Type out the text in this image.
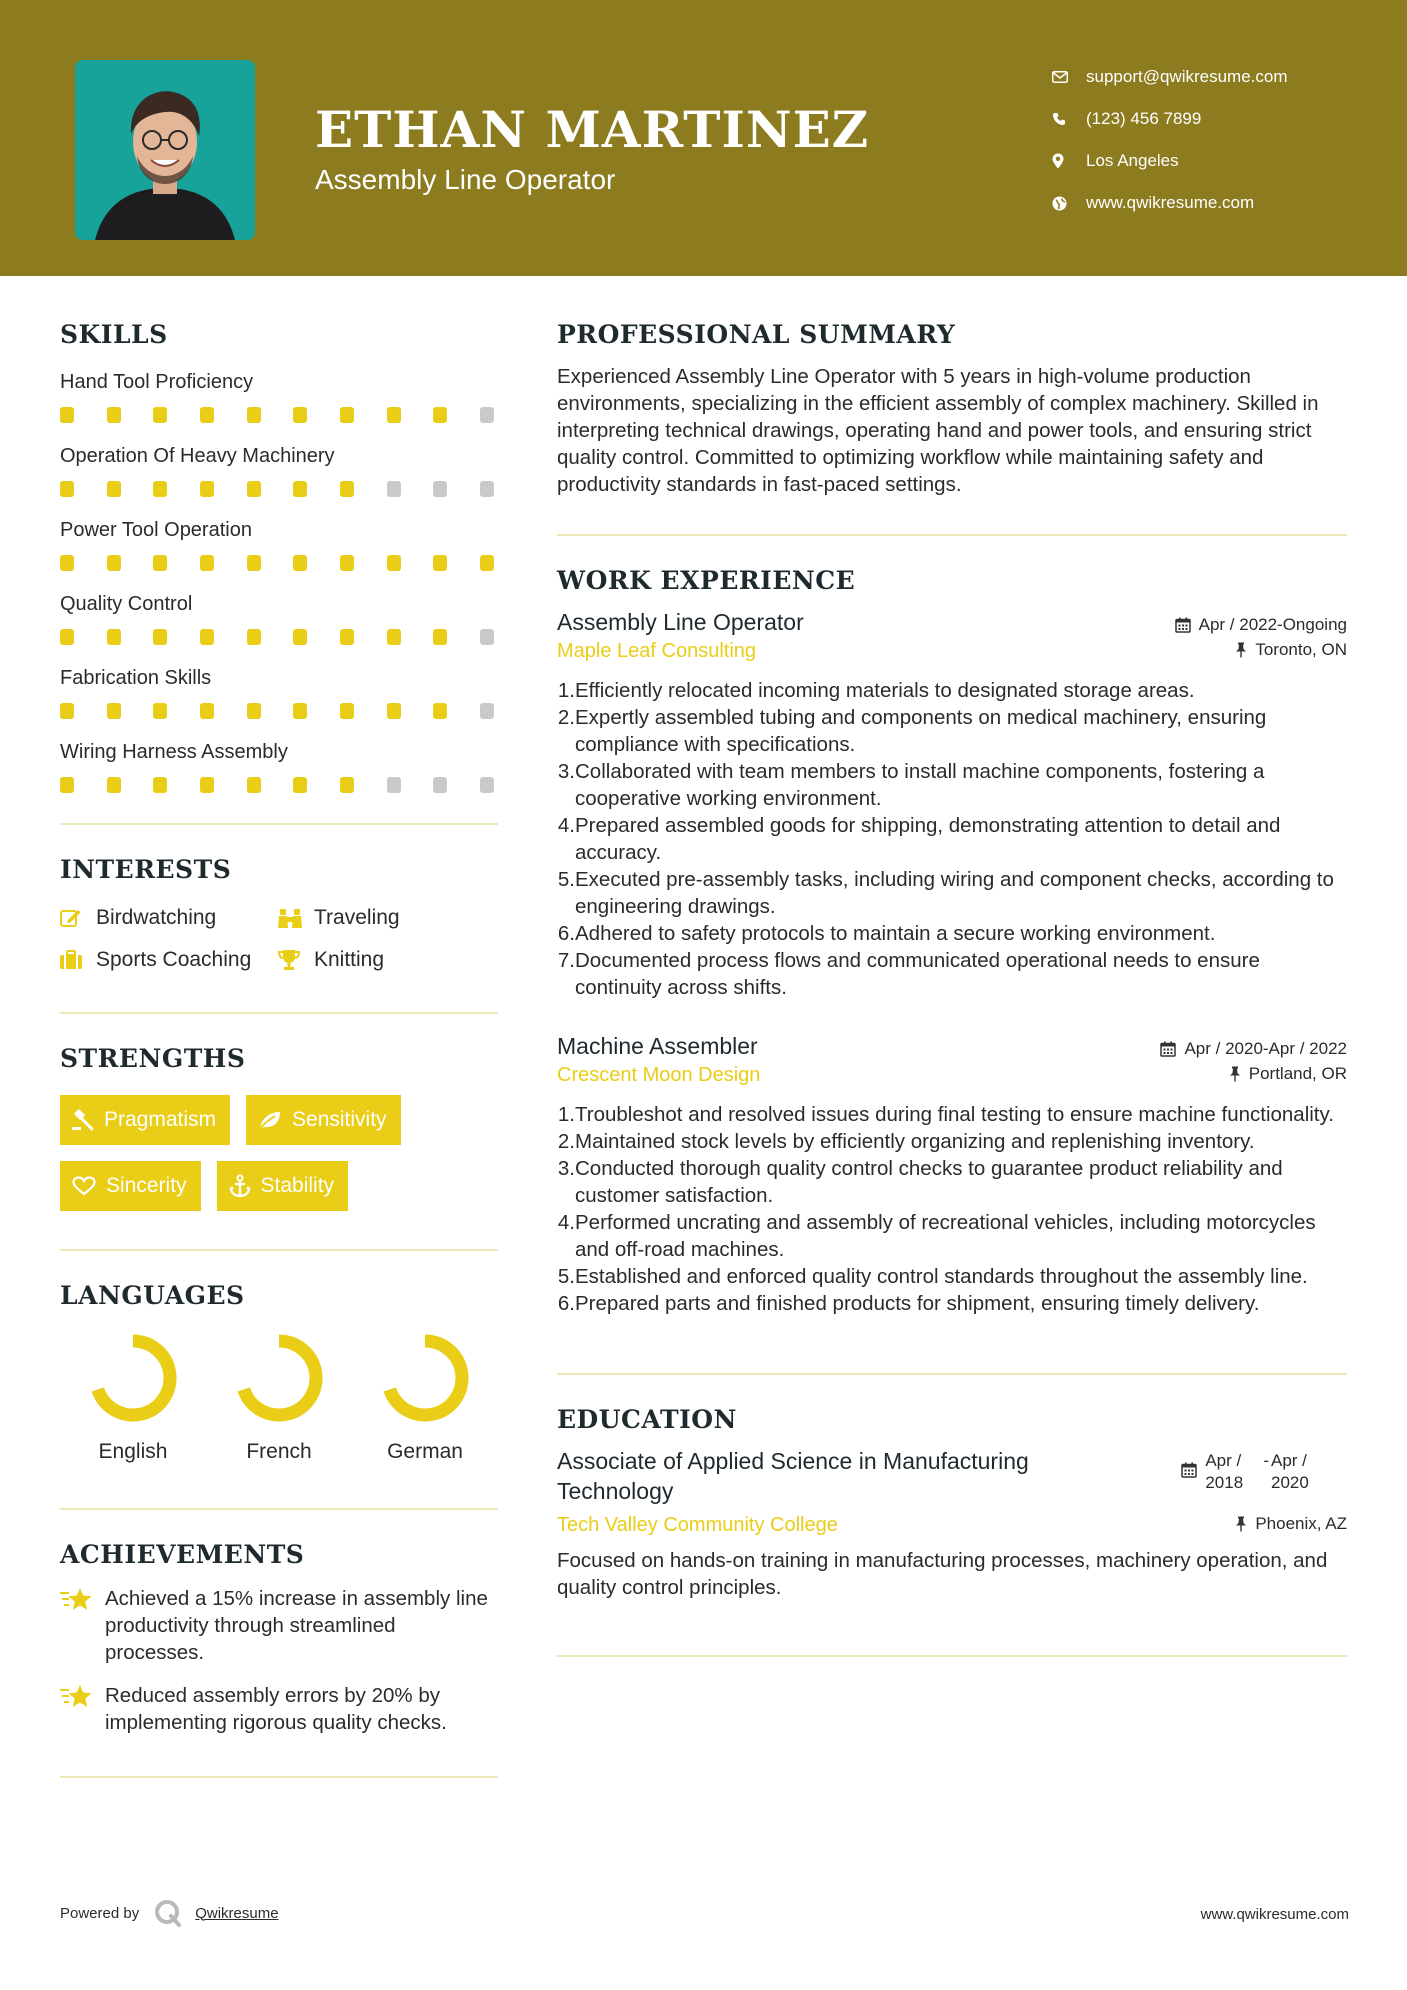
ETHAN MARTINEZ
Assembly Line Operator
support@qwikresume.com
(123) 456 7899
Los Angeles
www.qwikresume.com
SKILLS
Hand Tool Proficiency
Operation Of Heavy Machinery
Power Tool Operation
Quality Control
Fabrication Skills
Wiring Harness Assembly
INTERESTS
Birdwatching	Traveling
Sports Coaching	Knitting
STRENGTHS
Pragmatism	Sensitivity
Sincerity	Stability
LANGUAGES
English	French	German
ACHIEVEMENTS
Achieved a 15% increase in assembly line productivity through streamlined processes.
Reduced assembly errors by 20% by implementing rigorous quality checks.
PROFESSIONAL SUMMARY
Experienced Assembly Line Operator with 5 years in high-volume production environments, specializing in the efficient assembly of complex machinery. Skilled in interpreting technical drawings, operating hand and power tools, and ensuring strict quality control. Committed to optimizing workflow while maintaining safety and productivity standards in fast-paced settings.
WORK EXPERIENCE
Assembly Line Operator	Apr / 2022-Ongoing
Maple Leaf Consulting	Toronto, ON
1. Efficiently relocated incoming materials to designated storage areas.
2. Expertly assembled tubing and components on medical machinery, ensuring compliance with specifications.
3. Collaborated with team members to install machine components, fostering a cooperative working environment.
4. Prepared assembled goods for shipping, demonstrating attention to detail and accuracy.
5. Executed pre-assembly tasks, including wiring and component checks, according to engineering drawings.
6. Adhered to safety protocols to maintain a secure working environment.
7. Documented process flows and communicated operational needs to ensure continuity across shifts.
Machine Assembler	Apr / 2020-Apr / 2022
Crescent Moon Design	Portland, OR
1. Troubleshot and resolved issues during final testing to ensure machine functionality.
2. Maintained stock levels by efficiently organizing and replenishing inventory.
3. Conducted thorough quality control checks to guarantee product reliability and customer satisfaction.
4. Performed uncrating and assembly of recreational vehicles, including motorcycles and off-road machines.
5. Established and enforced quality control standards throughout the assembly line.
6. Prepared parts and finished products for shipment, ensuring timely delivery.
EDUCATION
Associate of Applied Science in Manufacturing Technology
Apr / 2018
- Apr / 2020
Tech Valley Community College	Phoenix, AZ
Focused on hands-on training in manufacturing processes, machinery operation, and quality control principles.
Powered by	Qwikresume	www.qwikresume.com
